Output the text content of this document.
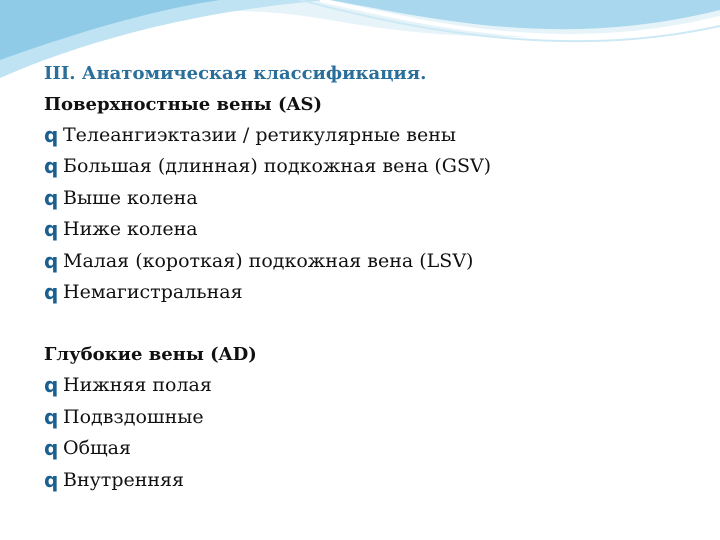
III. Анатомическая классификация.

Поверхностные вены (AS)

q Телеангиэктазии / ретикулярные вены
q Большая (длинная) подкожная вена (GSV)
q Выше колена
q Ниже колена
q Малая (короткая) подкожная вена (LSV)
q Немагистральная

Глубокие вены (AD)

q Нижняя полая
q Подвздошные
q Общая
q Внутренняя
